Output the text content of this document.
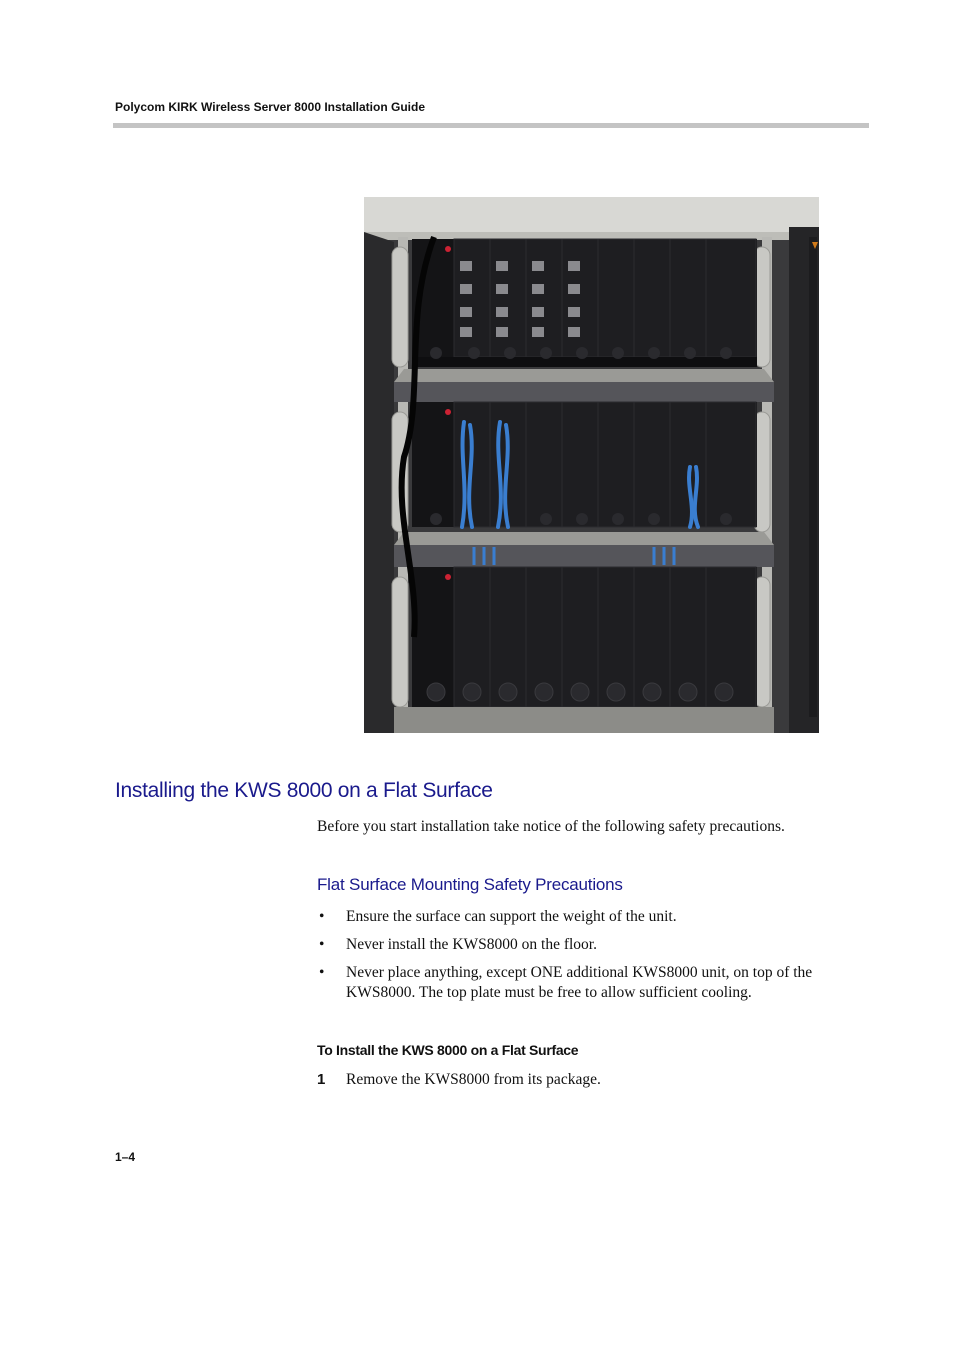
Polycom KIRK Wireless Server 8000 Installation Guide
Installing the KWS 8000 on a Flat Surface

Before you start installation take notice of the following safety precautions.

Flat Surface Mounting Safety Precautions
• Ensure the surface can support the weight of the unit.
• Never install the KWS8000 on the floor.
• Never place anything, except ONE additional KWS8000 unit, on top of the KWS8000. The top plate must be free to allow sufficient cooling.
To Install the KWS 8000 on a Flat Surface
1 Remove the KWS8000 from its package.
1–4
